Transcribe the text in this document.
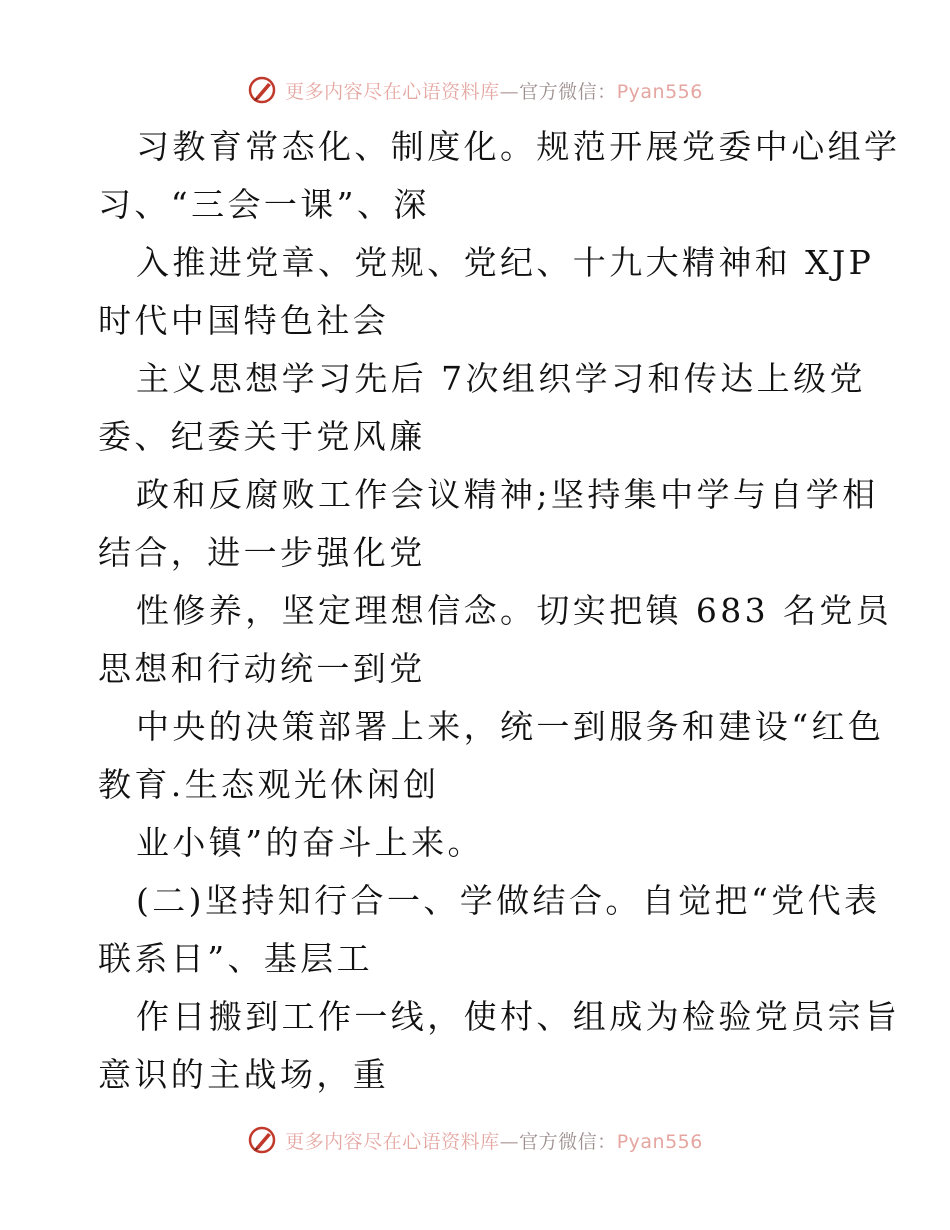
更多内容尽在心语资料库—官方微信：Pyan556
习教育常态化、制度化。规范开展党委中心组学
习、“三会一课”、深
入推进党章、党规、党纪、十九大精神和 XJP
时代中国特色社会
主义思想学习先后 7次组织学习和传达上级党
委、纪委关于党风廉
政和反腐败工作会议精神;坚持集中学与自学相
结合，进一步强化党
性修养，坚定理想信念。切实把镇 683 名党员
思想和行动统一到党
中央的决策部署上来，统一到服务和建设“红色
教育.生态观光休闲创
业小镇”的奋斗上来。
(二)坚持知行合一、学做结合。自觉把“党代表
联系日”、基层工
作日搬到工作一线，使村、组成为检验党员宗旨
意识的主战场，重
更多内容尽在心语资料库—官方微信：Pyan556
